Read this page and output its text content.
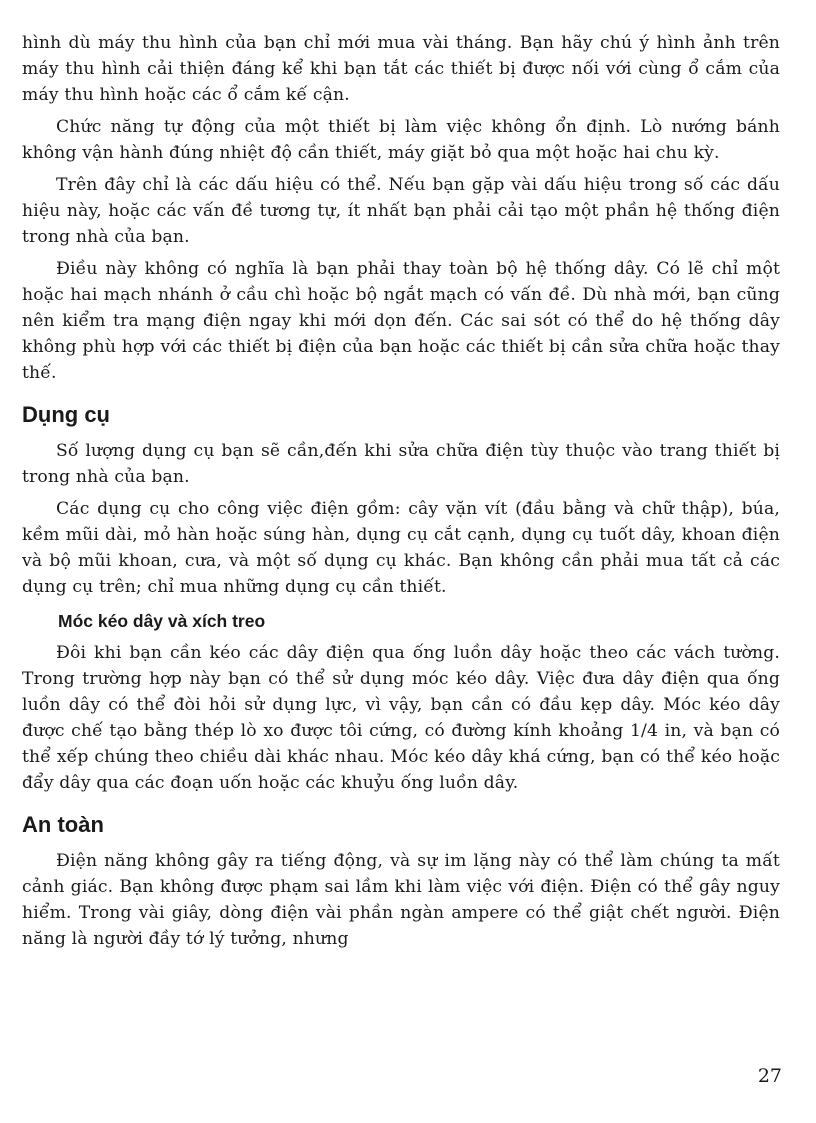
hình dù máy thu hình của bạn chỉ mới mua vài tháng. Bạn hãy chú ý hình ảnh trên máy thu hình cải thiện đáng kể khi bạn tắt các thiết bị được nối với cùng ổ cắm của máy thu hình hoặc các ổ cắm kế cận.

Chức năng tự động của một thiết bị làm việc không ổn định. Lò nướng bánh không vận hành đúng nhiệt độ cần thiết, máy giặt bỏ qua một hoặc hai chu kỳ.

Trên đây chỉ là các dấu hiệu có thể. Nếu bạn gặp vài dấu hiệu trong số các dấu hiệu này, hoặc các vấn đề tương tự, ít nhất bạn phải cải tạo một phần hệ thống điện trong nhà của bạn.

Điều này không có nghĩa là bạn phải thay toàn bộ hệ thống dây. Có lẽ chỉ một hoặc hai mạch nhánh ở cầu chì hoặc bộ ngắt mạch có vấn đề. Dù nhà mới, bạn cũng nên kiểm tra mạng điện ngay khi mới dọn đến. Các sai sót có thể do hệ thống dây không phù hợp với các thiết bị điện của bạn hoặc các thiết bị cần sửa chữa hoặc thay thế.

Dụng cụ

Số lượng dụng cụ bạn sẽ cần,đến khi sửa chữa điện tùy thuộc vào trang thiết bị trong nhà của bạn.

Các dụng cụ cho công việc điện gồm: cây vặn vít (đầu bằng và chữ thập), búa, kềm mũi dài, mỏ hàn hoặc súng hàn, dụng cụ cắt cạnh, dụng cụ tuốt dây, khoan điện và bộ mũi khoan, cưa, và một số dụng cụ khác. Bạn không cần phải mua tất cả các dụng cụ trên; chỉ mua những dụng cụ cần thiết.

Móc kéo dây và xích treo

Đôi khi bạn cần kéo các dây điện qua ống luồn dây hoặc theo các vách tường. Trong trường hợp này bạn có thể sử dụng móc kéo dây. Việc đưa dây điện qua ống luồn dây có thể đòi hỏi sử dụng lực, vì vậy, bạn cần có đầu kẹp dây. Móc kéo dây được chế tạo bằng thép lò xo được tôi cứng, có đường kính khoảng 1/4 in, và bạn có thể xếp chúng theo chiều dài khác nhau. Móc kéo dây khá cứng, bạn có thể kéo hoặc đẩy dây qua các đoạn uốn hoặc các khuỷu ống luồn dây.

An toàn

Điện năng không gây ra tiếng động, và sự im lặng này có thể làm chúng ta mất cảnh giác. Bạn không được phạm sai lầm khi làm việc với điện. Điện có thể gây nguy hiểm. Trong vài giây, dòng điện vài phần ngàn ampere có thể giật chết người. Điện năng là người đầy tớ lý tưởng, nhưng

27
